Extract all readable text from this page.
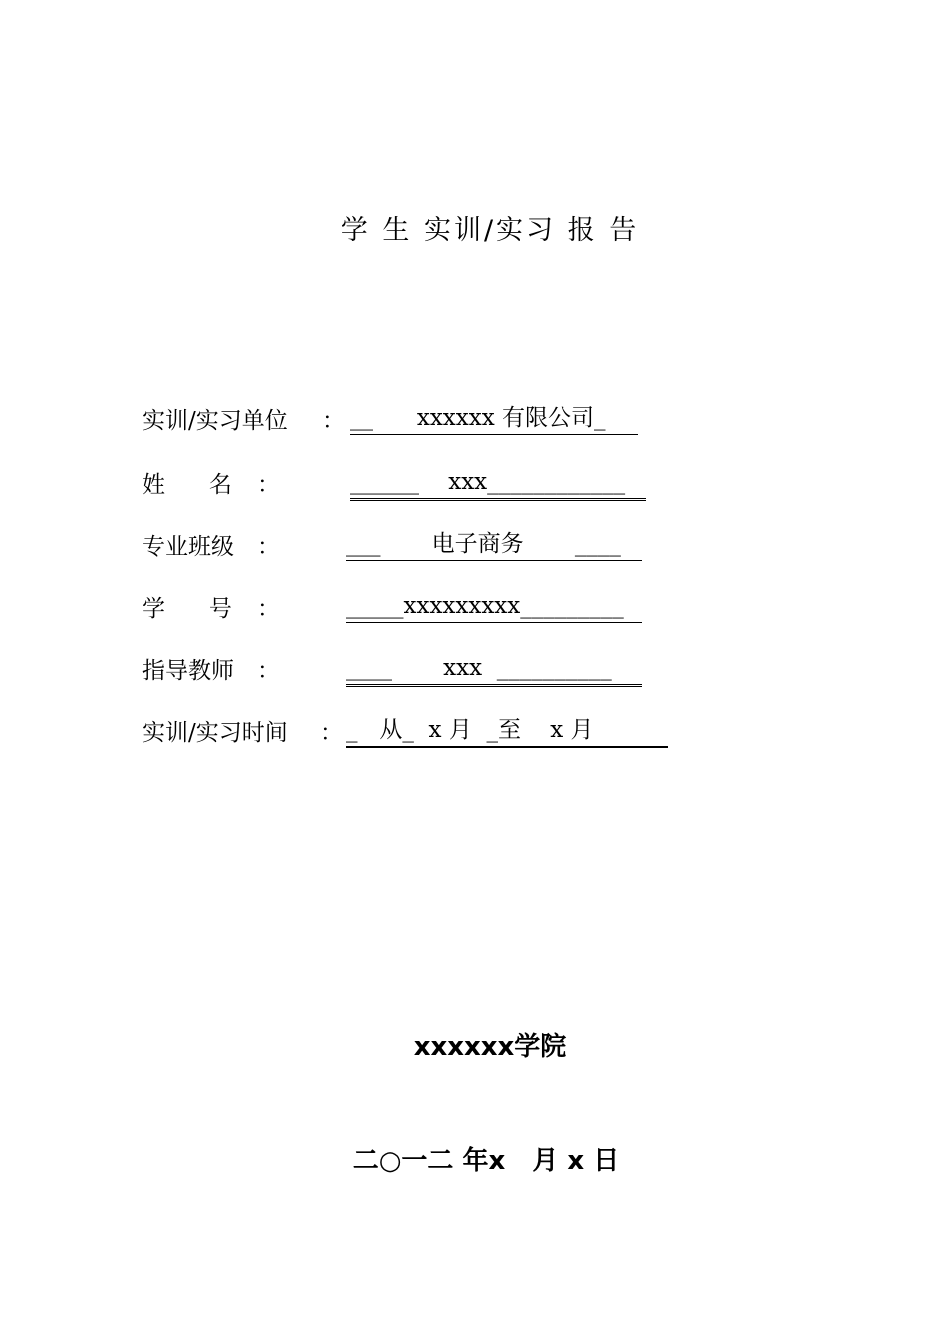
学 生 实训/实习 报 告
实训/实习单位 ： __      xxxxxx 有限公司_
姓      名 ：	______    xxx____________
专业班级 ：	___       电子商务       ____
学      号 ：	_____xxxxxxxxx_________
指导教师 ：	____       xxx  __________
实训/实习时间 ： _   从_  x 月  _至    x 月
xxxxxx学院
二○一二 年x   月 x 日
